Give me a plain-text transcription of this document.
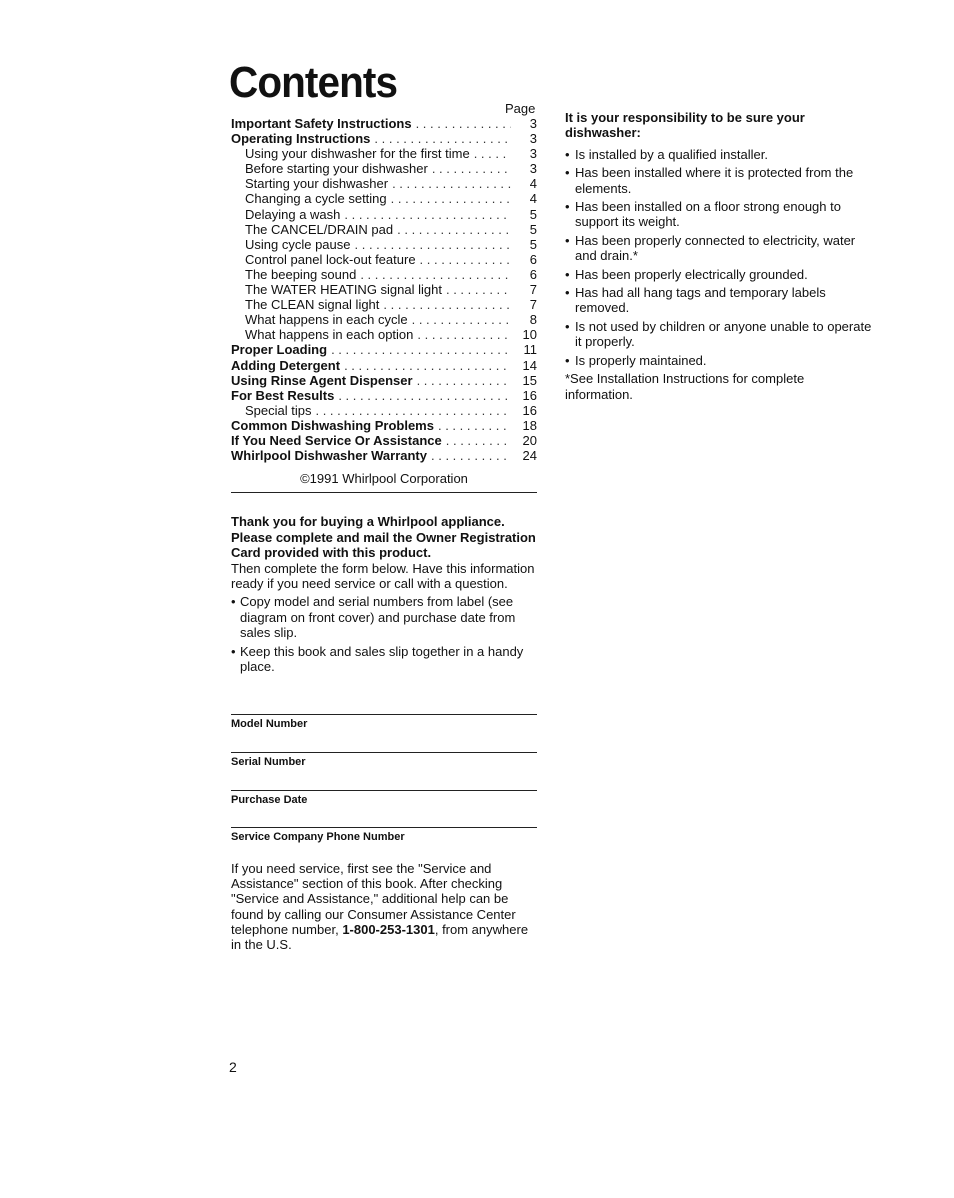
Contents
Page
Important Safety Instructions . . .	3
Operating Instructions . . .	3
Using your dishwasher for the first time . . .	3
Before starting your dishwasher . . .	3
Starting your dishwasher . . .	4
Changing a cycle setting . . .	4
Delaying a wash . . .	5
The CANCEL/DRAIN pad . . .	5
Using cycle pause . . .	5
Control panel lock-out feature . . .	6
The beeping sound . . .	6
The WATER HEATING signal light . . .	7
The CLEAN signal light . . .	7
What happens in each cycle . . .	8
What happens in each option . . .	10
Proper Loading . . .	11
Adding Detergent . . .	14
Using Rinse Agent Dispenser . . .	15
For Best Results . . .	16
Special tips . . .	16
Common Dishwashing Problems . . .	18
If You Need Service Or Assistance . . .	20
Whirlpool Dishwasher Warranty . . .	24
©1991 Whirlpool Corporation

Thank you for buying a Whirlpool appliance.

Please complete and mail the Owner Registration Card provided with this product.

Then complete the form below. Have this information ready if you need service or call with a question.

• Copy model and serial numbers from label (see diagram on front cover) and purchase date from sales slip.
• Keep this book and sales slip together in a handy place.
Model Number
Serial Number
Purchase Date
Service Company Phone Number
If you need service, first see the "Service and Assistance" section of this book. After checking "Service and Assistance," additional help can be found by calling our Consumer Assistance Center telephone number, 1-800-253-1301, from anywhere in the U.S.

It is your responsibility to be sure your dishwasher:

• Is installed by a qualified installer.
• Has been installed where it is protected from the elements.
• Has been installed on a floor strong enough to support its weight.
• Has been properly connected to electricity, water and drain.*
• Has been properly electrically grounded.
• Has had all hang tags and temporary labels removed.
• Is not used by children or anyone unable to operate it properly.
• Is properly maintained.

*See Installation Instructions for complete information.

2
